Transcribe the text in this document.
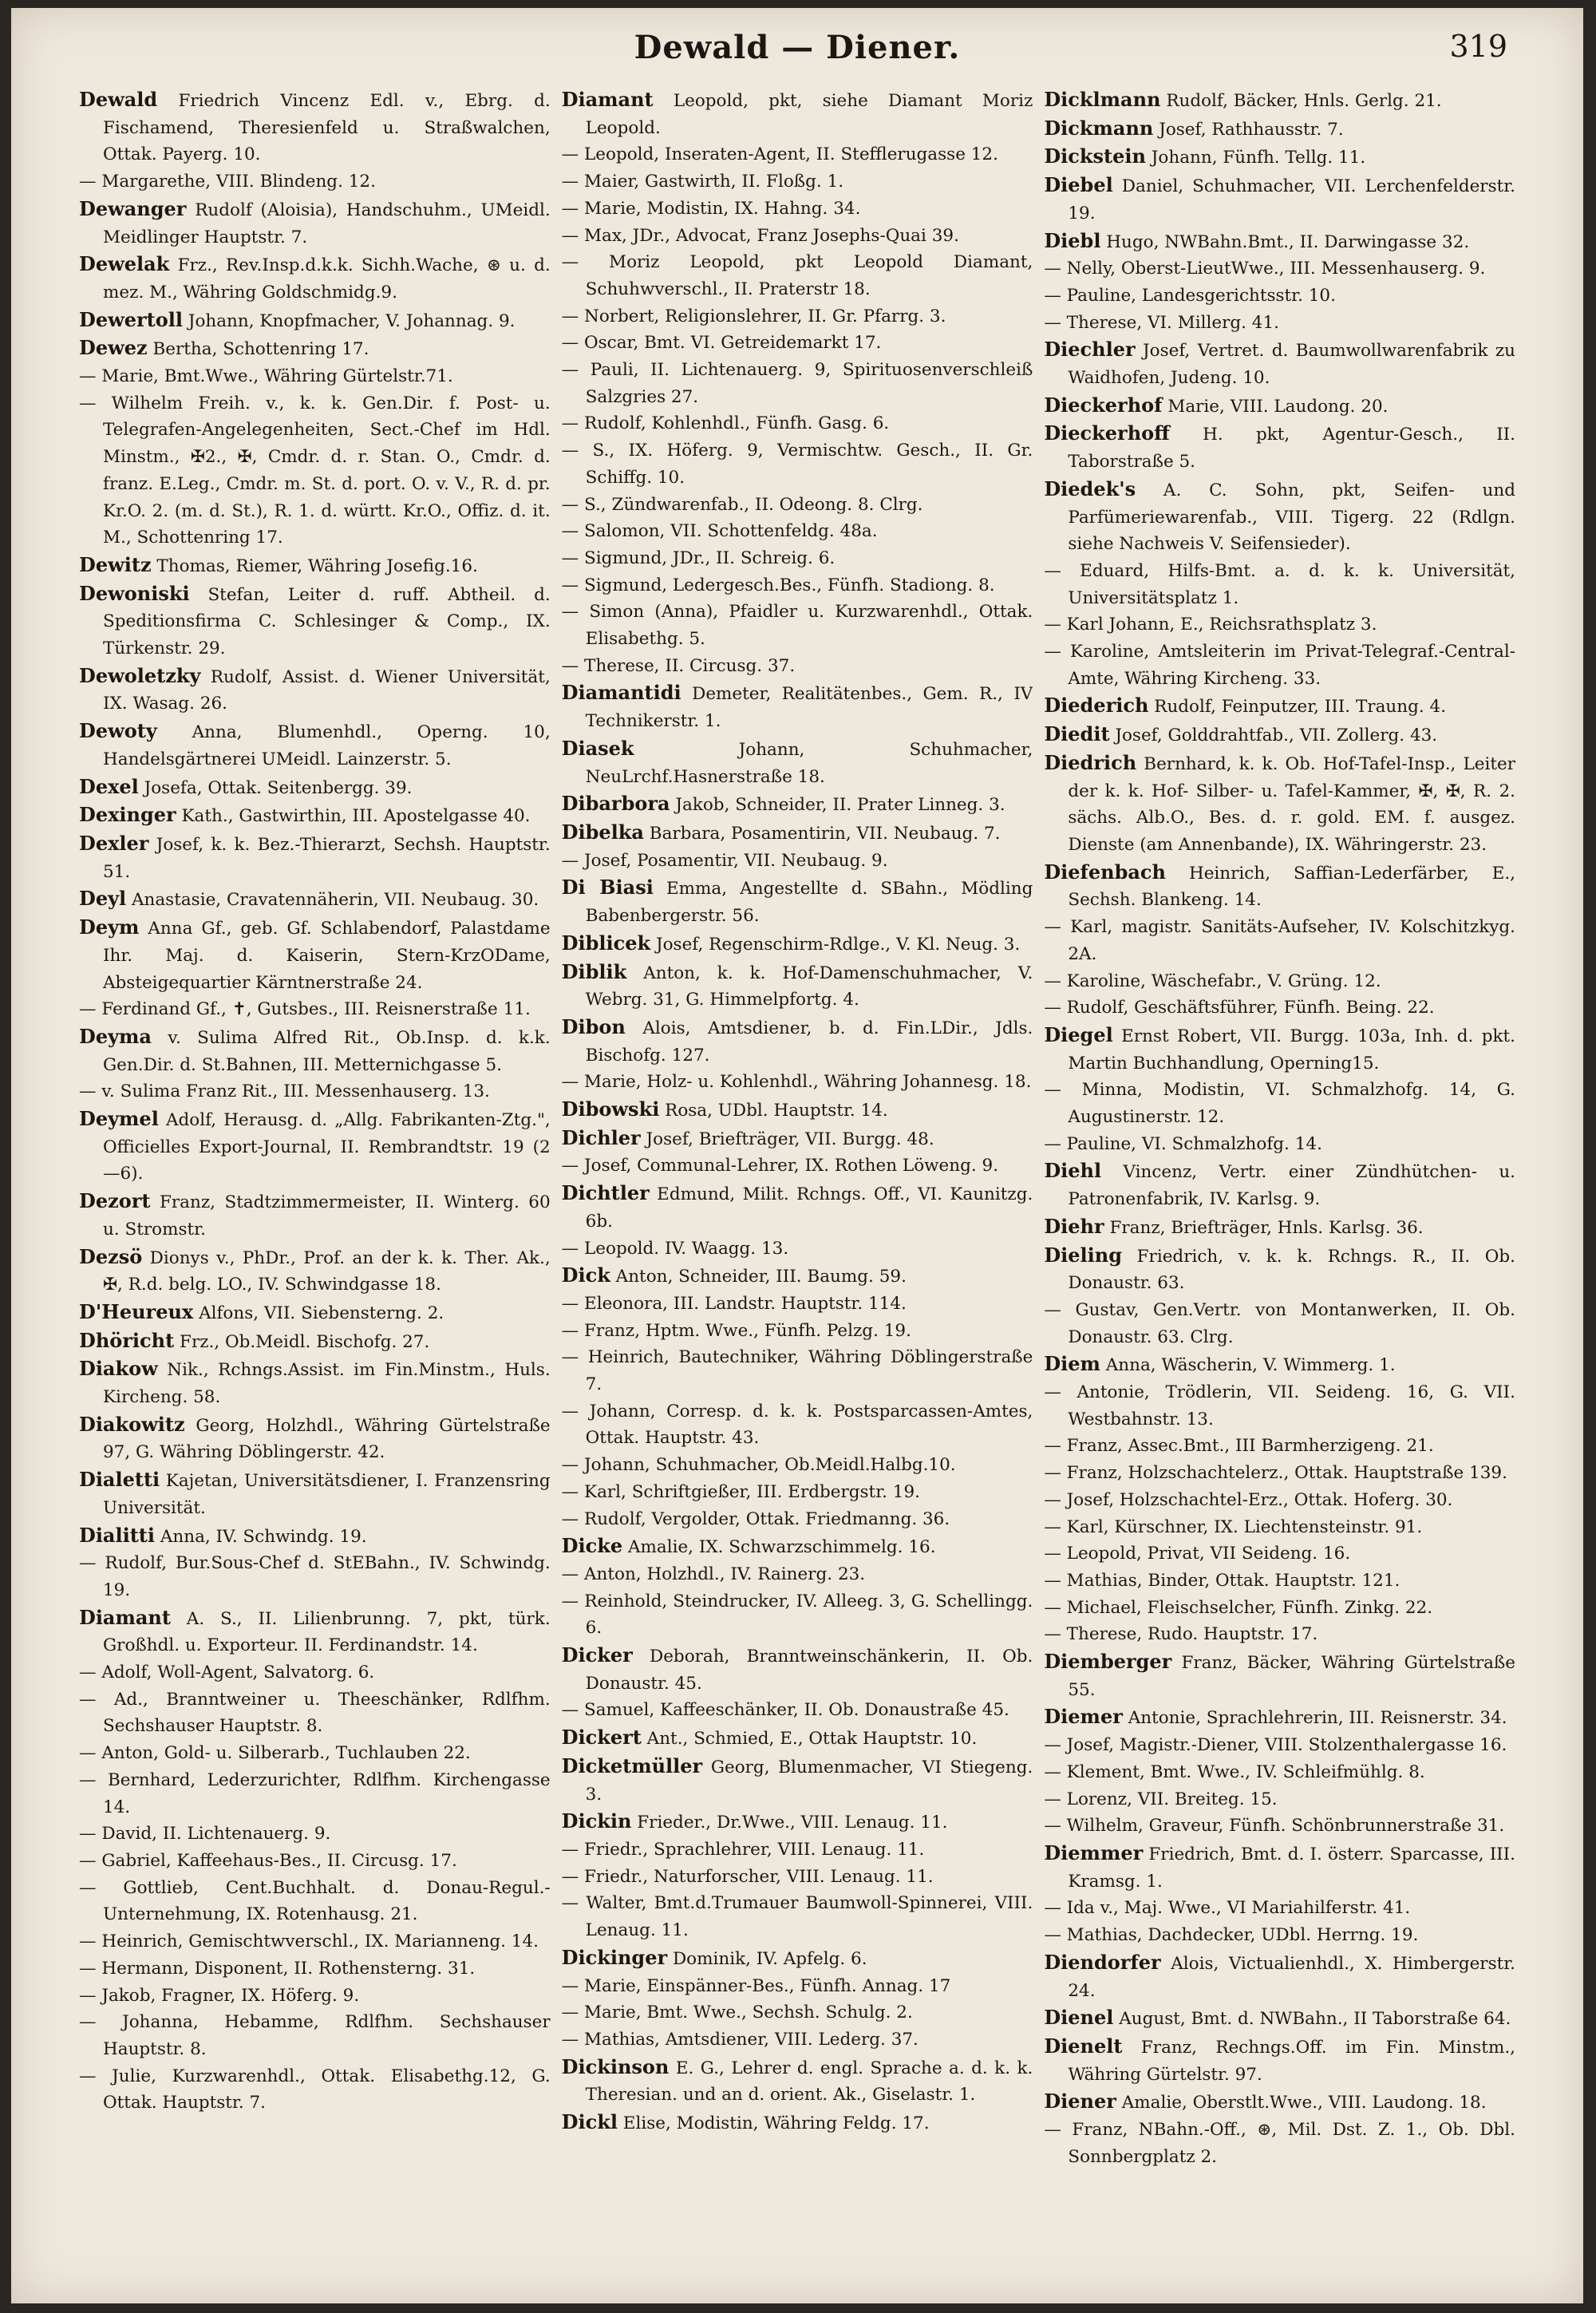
Dewald — Diener.	319

Dewald Friedrich Vincenz Edl. v., Ebrg. d. Fischamend, Theresienfeld u. Straßwalchen, Ottak. Payerg. 10.

— Margarethe, VIII. Blindeng. 12.

Dewanger Rudolf (Aloisia), Handschuhm., UMeidl. Meidlinger Hauptstr. 7.

Dewelak Frz., Rev.Insp.d.k.k. Sichh.Wache, ⊛ u. d. mez. M., Währing Goldschmidg.9.

Dewertoll Johann, Knopfmacher, V. Johannag. 9.

Dewez Bertha, Schottenring 17.

— Marie, Bmt.Wwe., Währing Gürtelstr.71.

— Wilhelm Freih. v., k. k. Gen.Dir. f. Post- u. Telegrafen-Angelegenheiten, Sect.-Chef im Hdl. Minstm., ✠2., ✠, Cmdr. d. r. Stan. O., Cmdr. d. franz. E.Leg., Cmdr. m. St. d. port. O. v. V., R. d. pr. Kr.O. 2. (m. d. St.), R. 1. d. württ. Kr.O., Offiz. d. it. M., Schottenring 17.

Dewitz Thomas, Riemer, Währing Josefig.16.

Dewoniski Stefan, Leiter d. ruff. Abtheil. d. Speditionsfirma C. Schlesinger & Comp., IX. Türkenstr. 29.

Dewoletzky Rudolf, Assist. d. Wiener Universität, IX. Wasag. 26.

Dewoty Anna, Blumenhdl., Operng. 10, Handelsgärtnerei UMeidl. Lainzerstr. 5.

Dexel Josefa, Ottak. Seitenbergg. 39.

Dexinger Kath., Gastwirthin, III. Apostelgasse 40.

Dexler Josef, k. k. Bez.-Thierarzt, Sechsh. Hauptstr. 51.

Deyl Anastasie, Cravatennäherin, VII. Neubaug. 30.

Deym Anna Gf., geb. Gf. Schlabendorf, Palastdame Ihr. Maj. d. Kaiserin, Stern-KrzODame, Absteigequartier Kärntnerstraße 24.

— Ferdinand Gf., ✝, Gutsbes., III. Reisnerstraße 11.

Deyma v. Sulima Alfred Rit., Ob.Insp. d. k.k. Gen.Dir. d. St.Bahnen, III. Metternichgasse 5.

— v. Sulima Franz Rit., III. Messenhauserg. 13.

Deymel Adolf, Herausg. d. „Allg. Fabrikanten-Ztg.", Officielles Export-Journal, II. Rembrandtstr. 19 (2—6).

Dezort Franz, Stadtzimmermeister, II. Winterg. 60 u. Stromstr.

Dezsö Dionys v., PhDr., Prof. an der k. k. Ther. Ak., ✠, R.d. belg. LO., IV. Schwindgasse 18.

D'Heureux Alfons, VII. Siebensterng. 2.

Dhöricht Frz., Ob.Meidl. Bischofg. 27.

Diakow Nik., Rchngs.Assist. im Fin.Minstm., Huls. Kircheng. 58.

Diakowitz Georg, Holzhdl., Währing Gürtelstraße 97, G. Währing Döblingerstr. 42.

Dialetti Kajetan, Universitätsdiener, I. Franzensring Universität.

Dialitti Anna, IV. Schwindg. 19.

— Rudolf, Bur.Sous-Chef d. StEBahn., IV. Schwindg. 19.

Diamant A. S., II. Lilienbrunng. 7, pkt, türk. Großhdl. u. Exporteur. II. Ferdinandstr. 14.

— Adolf, Woll-Agent, Salvatorg. 6.

— Ad., Branntweiner u. Theeschänker, Rdlfhm. Sechshauser Hauptstr. 8.

— Anton, Gold- u. Silberarb., Tuchlauben 22.

— Bernhard, Lederzurichter, Rdlfhm. Kirchengasse 14.

— David, II. Lichtenauerg. 9.

— Gabriel, Kaffeehaus-Bes., II. Circusg. 17.

— Gottlieb, Cent.Buchhalt. d. Donau-Regul.-Unternehmung, IX. Rotenhausg. 21.

— Heinrich, Gemischtwverschl., IX. Marianneng. 14.

— Hermann, Disponent, II. Rothensterng. 31.

— Jakob, Fragner, IX. Höferg. 9.

— Johanna, Hebamme, Rdlfhm. Sechshauser Hauptstr. 8.

— Julie, Kurzwarenhdl., Ottak. Elisabethg.12, G. Ottak. Hauptstr. 7.

Diamant Leopold, pkt, siehe Diamant Moriz Leopold.

— Leopold, Inseraten-Agent, II. Stefflerugasse 12.

— Maier, Gastwirth, II. Floßg. 1.

— Marie, Modistin, IX. Hahng. 34.

— Max, JDr., Advocat, Franz Josephs-Quai 39.

— Moriz Leopold, pkt Leopold Diamant, Schuhwverschl., II. Praterstr 18.

— Norbert, Religionslehrer, II. Gr. Pfarrg. 3.

— Oscar, Bmt. VI. Getreidemarkt 17.

— Pauli, II. Lichtenauerg. 9, Spirituosenverschleiß Salzgries 27.

— Rudolf, Kohlenhdl., Fünfh. Gasg. 6.

— S., IX. Höferg. 9, Vermischtw. Gesch., II. Gr. Schiffg. 10.

— S., Zündwarenfab., II. Odeong. 8. Clrg.

— Salomon, VII. Schottenfeldg. 48a.

— Sigmund, JDr., II. Schreig. 6.

— Sigmund, Ledergesch.Bes., Fünfh. Stadiong. 8.

— Simon (Anna), Pfaidler u. Kurzwarenhdl., Ottak. Elisabethg. 5.

— Therese, II. Circusg. 37.

Diamantidi Demeter, Realitätenbes., Gem. R., IV Technikerstr. 1.

Diasek Johann, Schuhmacher, NeuLrchf.Hasnerstraße 18.

Dibarbora Jakob, Schneider, II. Prater Linneg. 3.

Dibelka Barbara, Posamentirin, VII. Neubaug. 7.

— Josef, Posamentir, VII. Neubaug. 9.

Di Biasi Emma, Angestellte d. SBahn., Mödling Babenbergerstr. 56.

Diblicek Josef, Regenschirm-Rdlge., V. Kl. Neug. 3.

Diblik Anton, k. k. Hof-Damenschuhmacher, V. Webrg. 31, G. Himmelpfortg. 4.

Dibon Alois, Amtsdiener, b. d. Fin.LDir., Jdls. Bischofg. 127.

— Marie, Holz- u. Kohlenhdl., Währing Johannesg. 18.

Dibowski Rosa, UDbl. Hauptstr. 14.

Dichler Josef, Briefträger, VII. Burgg. 48.

— Josef, Communal-Lehrer, IX. Rothen Löweng. 9.

Dichtler Edmund, Milit. Rchngs. Off., VI. Kaunitzg. 6b.

— Leopold. IV. Waagg. 13.

Dick Anton, Schneider, III. Baumg. 59.

— Eleonora, III. Landstr. Hauptstr. 114.

— Franz, Hptm. Wwe., Fünfh. Pelzg. 19.

— Heinrich, Bautechniker, Währing Döblingerstraße 7.

— Johann, Corresp. d. k. k. Postsparcassen-Amtes, Ottak. Hauptstr. 43.

— Johann, Schuhmacher, Ob.Meidl.Halbg.10.

— Karl, Schriftgießer, III. Erdbergstr. 19.

— Rudolf, Vergolder, Ottak. Friedmanng. 36.

Dicke Amalie, IX. Schwarzschimmelg. 16.

— Anton, Holzhdl., IV. Rainerg. 23.

— Reinhold, Steindrucker, IV. Alleeg. 3, G. Schellingg. 6.

Dicker Deborah, Branntweinschänkerin, II. Ob. Donaustr. 45.

— Samuel, Kaffeeschänker, II. Ob. Donaustraße 45.

Dickert Ant., Schmied, E., Ottak Hauptstr. 10.

Dicketmüller Georg, Blumenmacher, VI Stiegeng. 3.

Dickin Frieder., Dr.Wwe., VIII. Lenaug. 11.

— Friedr., Sprachlehrer, VIII. Lenaug. 11.

— Friedr., Naturforscher, VIII. Lenaug. 11.

— Walter, Bmt.d.Trumauer Baumwoll-Spinnerei, VIII. Lenaug. 11.

Dickinger Dominik, IV. Apfelg. 6.

— Marie, Einspänner-Bes., Fünfh. Annag. 17

— Marie, Bmt. Wwe., Sechsh. Schulg. 2.

— Mathias, Amtsdiener, VIII. Lederg. 37.

Dickinson E. G., Lehrer d. engl. Sprache a. d. k. k. Theresian. und an d. orient. Ak., Giselastr. 1.

Dickl Elise, Modistin, Währing Feldg. 17.

Dicklmann Rudolf, Bäcker, Hnls. Gerlg. 21.

Dickmann Josef, Rathhausstr. 7.

Dickstein Johann, Fünfh. Tellg. 11.

Diebel Daniel, Schuhmacher, VII. Lerchenfelderstr. 19.

Diebl Hugo, NWBahn.Bmt., II. Darwingasse 32.

— Nelly, Oberst-LieutWwe., III. Messenhauserg. 9.

— Pauline, Landesgerichtsstr. 10.

— Therese, VI. Millerg. 41.

Diechler Josef, Vertret. d. Baumwollwarenfabrik zu Waidhofen, Judeng. 10.

Dieckerhof Marie, VIII. Laudong. 20.

Dieckerhoff H. pkt, Agentur-Gesch., II. Taborstraße 5.

Diedek's A. C. Sohn, pkt, Seifen- und Parfümeriewarenfab., VIII. Tigerg. 22 (Rdlgn. siehe Nachweis V. Seifensieder).

— Eduard, Hilfs-Bmt. a. d. k. k. Universität, Universitätsplatz 1.

— Karl Johann, E., Reichsrathsplatz 3.

— Karoline, Amtsleiterin im Privat-Telegraf.-Central-Amte, Währing Kircheng. 33.

Diederich Rudolf, Feinputzer, III. Traung. 4.

Diedit Josef, Golddrahtfab., VII. Zollerg. 43.

Diedrich Bernhard, k. k. Ob. Hof-Tafel-Insp., Leiter der k. k. Hof- Silber- u. Tafel-Kammer, ✠, ✠, R. 2. sächs. Alb.O., Bes. d. r. gold. EM. f. ausgez. Dienste (am Annenbande), IX. Währingerstr. 23.

Diefenbach Heinrich, Saffian-Lederfärber, E., Sechsh. Blankeng. 14.

— Karl, magistr. Sanitäts-Aufseher, IV. Kolschitzkyg. 2A.

— Karoline, Wäschefabr., V. Grüng. 12.

— Rudolf, Geschäftsführer, Fünfh. Being. 22.

Diegel Ernst Robert, VII. Burgg. 103a, Inh. d. pkt. Martin Buchhandlung, Operning15.

— Minna, Modistin, VI. Schmalzhofg. 14, G. Augustinerstr. 12.

— Pauline, VI. Schmalzhofg. 14.

Diehl Vincenz, Vertr. einer Zündhütchen- u. Patronenfabrik, IV. Karlsg. 9.

Diehr Franz, Briefträger, Hnls. Karlsg. 36.

Dieling Friedrich, v. k. k. Rchngs. R., II. Ob. Donaustr. 63.

— Gustav, Gen.Vertr. von Montanwerken, II. Ob. Donaustr. 63. Clrg.

Diem Anna, Wäscherin, V. Wimmerg. 1.

— Antonie, Trödlerin, VII. Seideng. 16, G. VII. Westbahnstr. 13.

— Franz, Assec.Bmt., III Barmherzigeng. 21.

— Franz, Holzschachtelerz., Ottak. Hauptstraße 139.

— Josef, Holzschachtel-Erz., Ottak. Hoferg. 30.

— Karl, Kürschner, IX. Liechtensteinstr. 91.

— Leopold, Privat, VII Seideng. 16.

— Mathias, Binder, Ottak. Hauptstr. 121.

— Michael, Fleischselcher, Fünfh. Zinkg. 22.

— Therese, Rudo. Hauptstr. 17.

Diemberger Franz, Bäcker, Währing Gürtelstraße 55.

Diemer Antonie, Sprachlehrerin, III. Reisnerstr. 34.

— Josef, Magistr.-Diener, VIII. Stolzenthalergasse 16.

— Klement, Bmt. Wwe., IV. Schleifmühlg. 8.

— Lorenz, VII. Breiteg. 15.

— Wilhelm, Graveur, Fünfh. Schönbrunnerstraße 31.

Diemmer Friedrich, Bmt. d. I. österr. Sparcasse, III. Kramsg. 1.

— Ida v., Maj. Wwe., VI Mariahilferstr. 41.

— Mathias, Dachdecker, UDbl. Herrng. 19.

Diendorfer Alois, Victualienhdl., X. Himbergerstr. 24.

Dienel August, Bmt. d. NWBahn., II Taborstraße 64.

Dienelt Franz, Rechngs.Off. im Fin. Minstm., Währing Gürtelstr. 97.

Diener Amalie, Oberstlt.Wwe., VIII. Laudong. 18.

— Franz, NBahn.-Off., ⊛, Mil. Dst. Z. 1., Ob. Dbl. Sonnbergplatz 2.
